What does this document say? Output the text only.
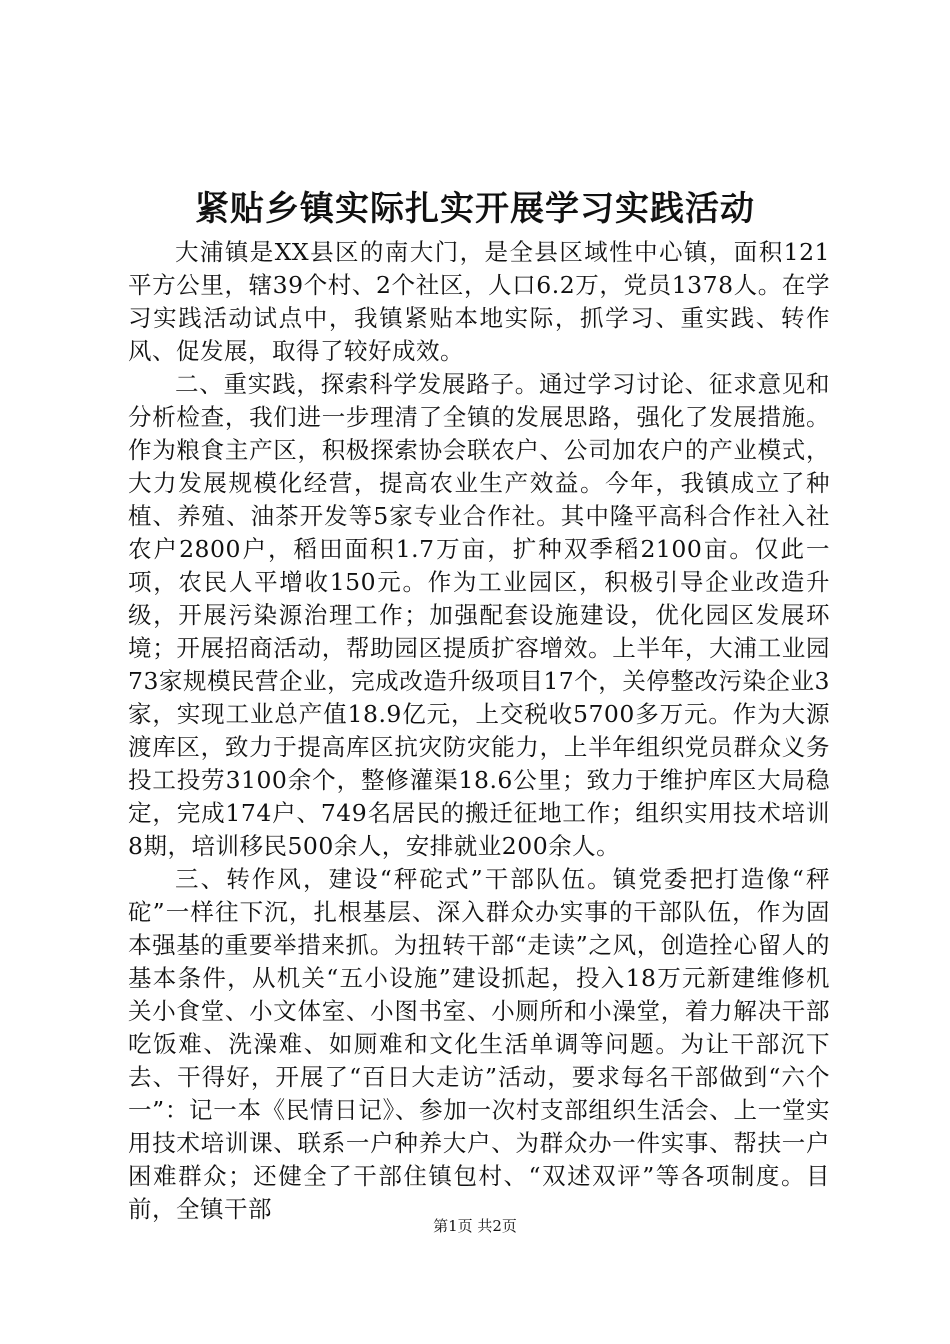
紧贴乡镇实际扎实开展学习实践活动

大浦镇是XX县区的南大门，是全县区域性中心镇，面积121平方公里，辖39个村、2个社区，人口6.2万，党员1378人。在学习实践活动试点中，我镇紧贴本地实际，抓学习、重实践、转作风、促发展，取得了较好成效。

二、重实践，探索科学发展路子。通过学习讨论、征求意见和分析检查，我们进一步理清了全镇的发展思路，强化了发展措施。作为粮食主产区，积极探索协会联农户、公司加农户的产业模式，大力发展规模化经营，提高农业生产效益。今年，我镇成立了种植、养殖、油茶开发等5家专业合作社。其中隆平高科合作社入社农户2800户，稻田面积1.7万亩，扩种双季稻2100亩。仅此一项，农民人平增收150元。作为工业园区，积极引导企业改造升级，开展污染源治理工作；加强配套设施建设，优化园区发展环境；开展招商活动，帮助园区提质扩容增效。上半年，大浦工业园73家规模民营企业，完成改造升级项目17个，关停整改污染企业3家，实现工业总产值18.9亿元，上交税收5700多万元。作为大源渡库区，致力于提高库区抗灾防灾能力，上半年组织党员群众义务投工投劳3100余个，整修灌渠18.6公里；致力于维护库区大局稳定，完成174户、749名居民的搬迁征地工作；组织实用技术培训8期，培训移民500余人，安排就业200余人。

三、转作风，建设“秤砣式”干部队伍。镇党委把打造像“秤砣”一样往下沉，扎根基层、深入群众办实事的干部队伍，作为固本强基的重要举措来抓。为扭转干部“走读”之风，创造拴心留人的基本条件，从机关“五小设施”建设抓起，投入18万元新建维修机关小食堂、小文体室、小图书室、小厕所和小澡堂，着力解决干部吃饭难、洗澡难、如厕难和文化生活单调等问题。为让干部沉下去、干得好，开展了“百日大走访”活动，要求每名干部做到“六个一”：记一本《民情日记》、参加一次村支部组织生活会、上一堂实用技术培训课、联系一户种养大户、为群众办一件实事、帮扶一户困难群众；还健全了干部住镇包村、“双述双评”等各项制度。目前，全镇干部

第1页 共2页
